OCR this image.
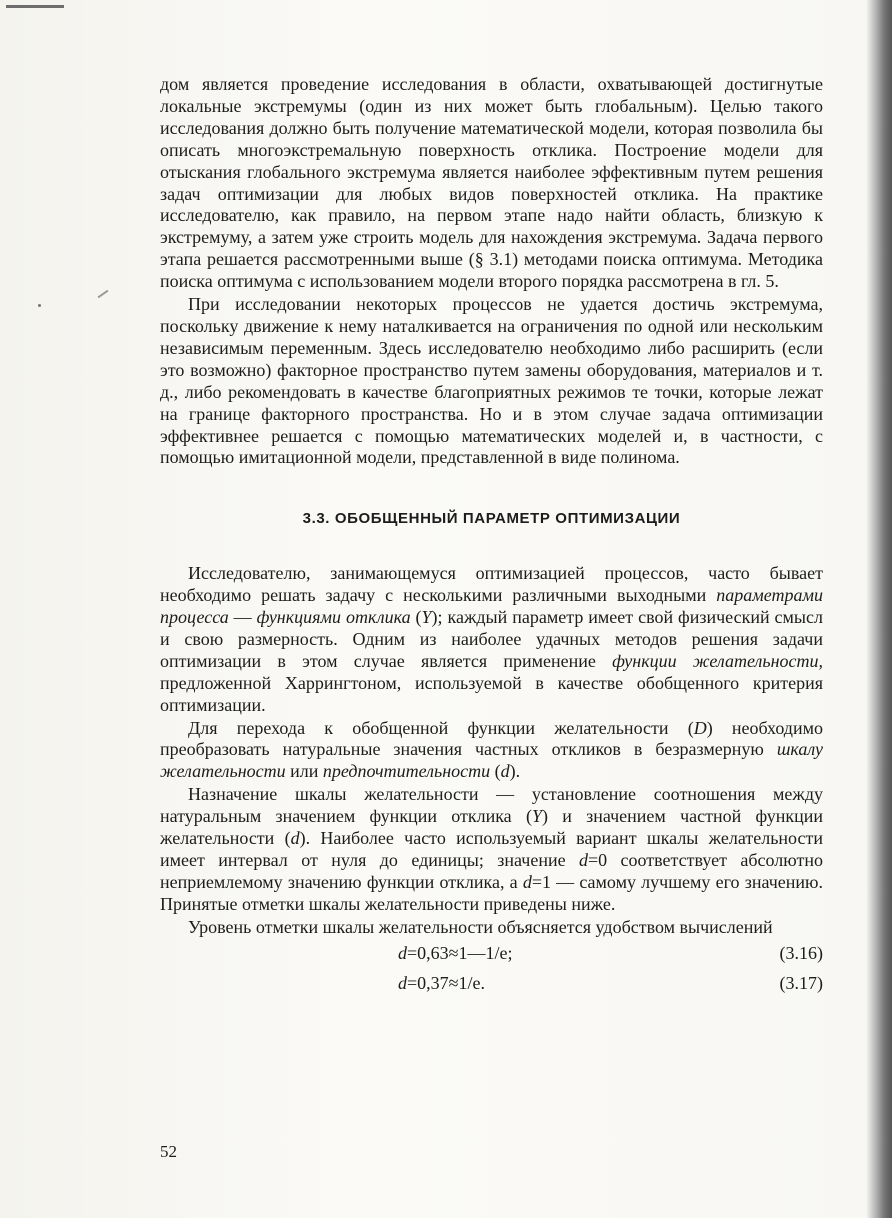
дом является проведение исследования в области, охватывающей достигнутые локальные экстремумы (один из них может быть глобальным). Целью такого исследования должно быть получение математической модели, которая позволила бы описать многоэкстремальную поверхность отклика. Построение модели для отыскания глобального экстремума является наиболее эффективным путем решения задач оптимизации для любых видов поверхностей отклика. На практике исследователю, как правило, на первом этапе надо найти область, близкую к экстремуму, а затем уже строить модель для нахождения экстремума. Задача первого этапа решается рассмотренными выше (§ 3.1) методами поиска оптимума. Методика поиска оптимума с использованием модели второго порядка рассмотрена в гл. 5.

При исследовании некоторых процессов не удается достичь экстремума, поскольку движение к нему наталкивается на ограничения по одной или нескольким независимым переменным. Здесь исследователю необходимо либо расширить (если это возможно) факторное пространство путем замены оборудования, материалов и т. д., либо рекомендовать в качестве благоприятных режимов те точки, которые лежат на границе факторного пространства. Но и в этом случае задача оптимизации эффективнее решается с помощью математических моделей и, в частности, с помощью имитационной модели, представленной в виде полинома.

3.3. ОБОБЩЕННЫЙ ПАРАМЕТР ОПТИМИЗАЦИИ

Исследователю, занимающемуся оптимизацией процессов, часто бывает необходимо решать задачу с несколькими различными выходными параметрами процесса — функциями отклика (Y); каждый параметр имеет свой физический смысл и свою размерность. Одним из наиболее удачных методов решения задачи оптимизации в этом случае является применение функции желательности, предложенной Харрингтоном, используемой в качестве обобщенного критерия оптимизации.

Для перехода к обобщенной функции желательности (D) необходимо преобразовать натуральные значения частных откликов в безразмерную шкалу желательности или предпочтительности (d).

Назначение шкалы желательности — установление соотношения между натуральным значением функции отклика (Y) и значением частной функции желательности (d). Наиболее часто используемый вариант шкалы желательности имеет интервал от нуля до единицы; значение d=0 соответствует абсолютно неприемлемому значению функции отклика, а d=1 — самому лучшему его значению. Принятые отметки шкалы желательности приведены ниже.

Уровень отметки шкалы желательности объясняется удобством вычислений

d=0,63≈1—1/e;	(3.16)
d=0,37≈1/e.	(3.17)
52
